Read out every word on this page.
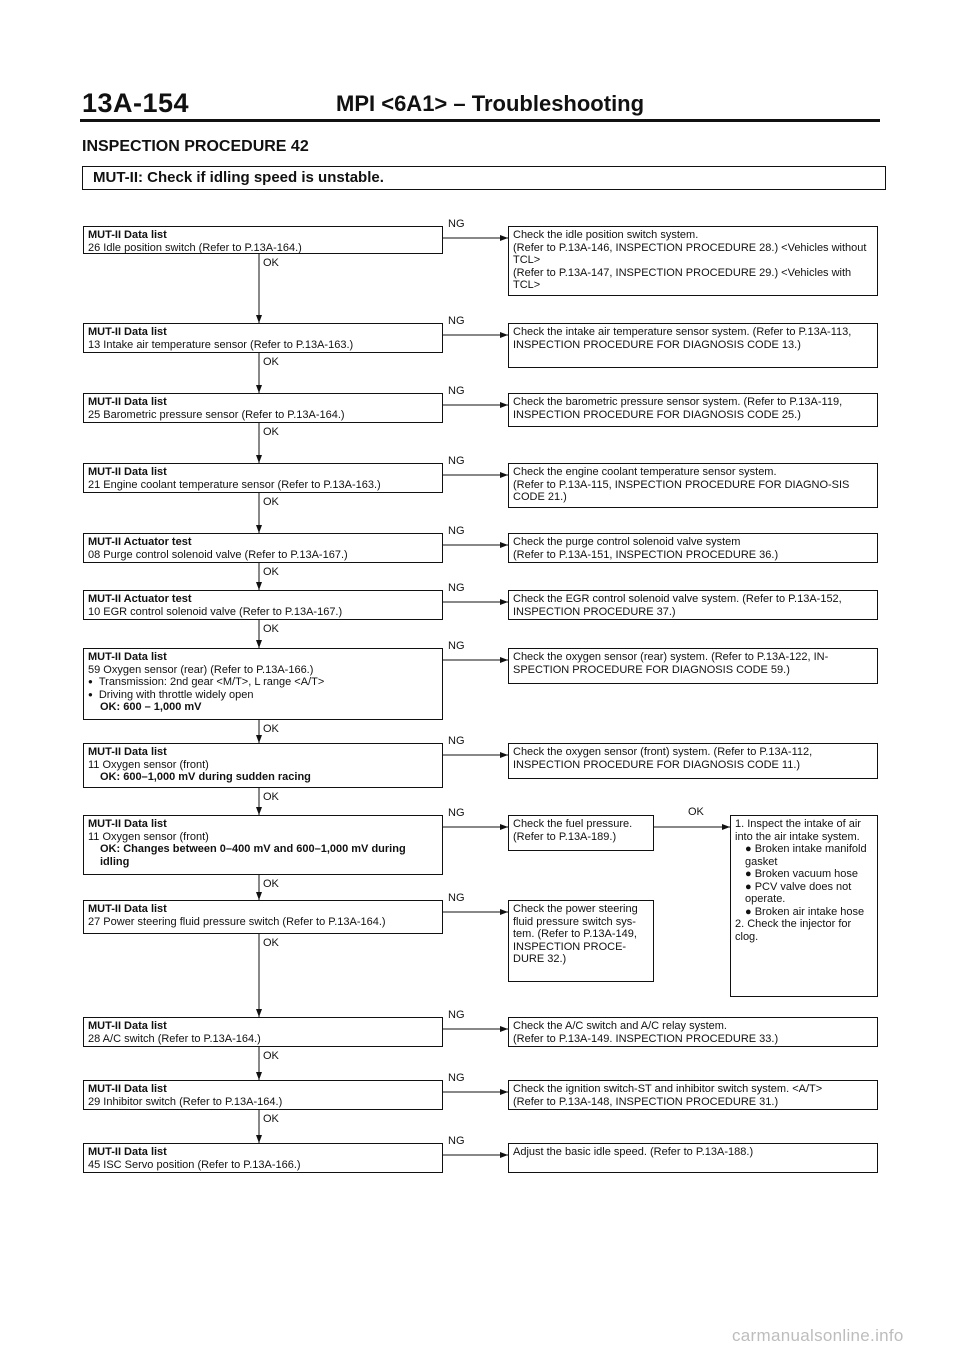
13A-154	MPI <6A1> – Troubleshooting
INSPECTION PROCEDURE 42
MUT-II: Check if idling speed is unstable.
MUT-II Data list
26 Idle position switch (Refer to P.13A-164.)
Check the idle position switch system.
(Refer to P.13A-146, INSPECTION PROCEDURE 28.) <Vehicles without TCL>
(Refer to P.13A-147, INSPECTION PROCEDURE 29.) <Vehicles with TCL>
NG
OK
MUT-II Data list
13 Intake air temperature sensor (Refer to P.13A-163.)
Check the intake air temperature sensor system. (Refer to P.13A-113, INSPECTION PROCEDURE FOR DIAGNOSIS CODE 13.)
NG
OK
MUT-II Data list
25 Barometric pressure sensor (Refer to P.13A-164.)
Check the barometric pressure sensor system. (Refer to P.13A-119, INSPECTION PROCEDURE FOR DIAGNOSIS CODE 25.)
NG
OK
MUT-II Data list
21 Engine coolant temperature sensor (Refer to P.13A-163.)
Check the engine coolant temperature sensor system.
(Refer to P.13A-115, INSPECTION PROCEDURE FOR DIAGNO-SIS CODE 21.)
NG
OK
MUT-II Actuator test
08 Purge control solenoid valve (Refer to P.13A-167.)
Check the purge control solenoid valve system
(Refer to P.13A-151, INSPECTION PROCEDURE 36.)
NG
OK
MUT-II Actuator test
10 EGR control solenoid valve (Refer to P.13A-167.)
Check the EGR control solenoid valve system. (Refer to P.13A-152, INSPECTION PROCEDURE 37.)
NG
OK
MUT-II Data list
59 Oxygen sensor (rear) (Refer to P.13A-166.)
● Transmission: 2nd gear <M/T>, L range <A/T>
● Driving with throttle widely open
OK: 600 – 1,000 mV
Check the oxygen sensor (rear) system. (Refer to P.13A-122, IN-SPECTION PROCEDURE FOR DIAGNOSIS CODE 59.)
NG
OK
MUT-II Data list
11 Oxygen sensor (front)
OK: 600–1,000 mV during sudden racing
Check the oxygen sensor (front) system. (Refer to P.13A-112, INSPECTION PROCEDURE FOR DIAGNOSIS CODE 11.)
NG
OK
MUT-II Data list
11 Oxygen sensor (front)
OK: Changes between 0–400 mV and 600–1,000 mV during idling
Check the fuel pressure.
(Refer to P.13A-189.)
NG
OK
MUT-II Data list
27 Power steering fluid pressure switch (Refer to P.13A-164.)
Check the power steering fluid pressure switch sys-tem. (Refer to P.13A-149, INSPECTION PROCE-DURE 32.)
NG
OK
MUT-II Data list
28 A/C switch (Refer to P.13A-164.)
Check the A/C switch and A/C relay system.
(Refer to P.13A-149. INSPECTION PROCEDURE 33.)
NG
OK
MUT-II Data list
29 Inhibitor switch (Refer to P.13A-164.)
Check the ignition switch-ST and inhibitor switch system. <A/T>
(Refer to P.13A-148, INSPECTION PROCEDURE 31.)
NG
OK
MUT-II Data list
45 ISC Servo position (Refer to P.13A-166.)
Adjust the basic idle speed. (Refer to P.13A-188.)
NG
1. Inspect the intake of air into the air intake system.
● Broken intake manifold gasket
● Broken vacuum hose
● PCV valve does not operate.
● Broken air intake hose
2. Check the injector for clog.
OK
carmanualsonline.info
